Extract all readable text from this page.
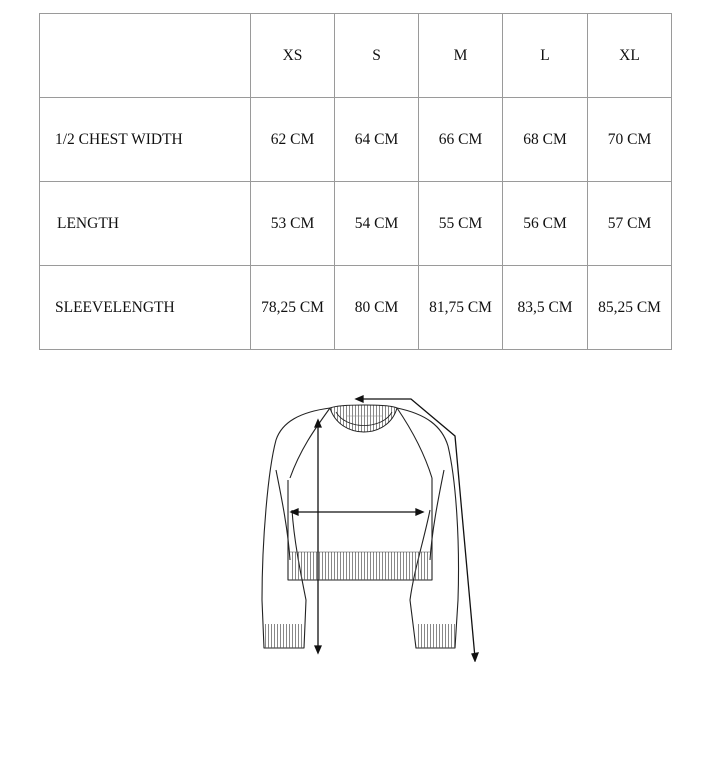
	XS	S	M	L	XL
1/2 CHEST WIDTH	62 CM	64 CM	66 CM	68 CM	70 CM
LENGTH	53 CM	54 CM	55 CM	56 CM	57 CM
SLEEVELENGTH	78,25 CM	80 CM	81,75 CM	83,5 CM	85,25 CM
